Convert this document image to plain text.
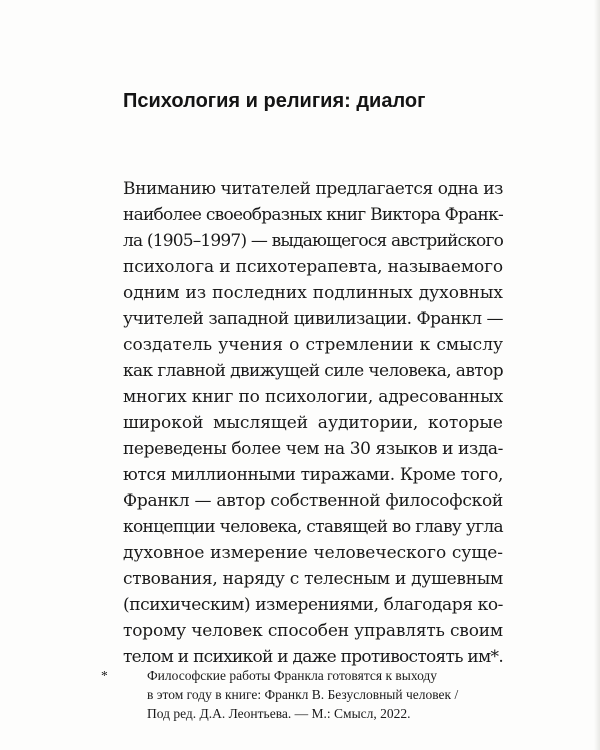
Психология и религия: диалог
Вниманию читателей предлагается одна из
наиболее своеобразных книг Виктора Франк-
ла (1905–1997) — выдающегося австрийского
психолога и психотерапевта, называемого
одним из последних подлинных духовных
учителей западной цивилизации. Франкл —
создатель учения о стремлении к смыслу
как главной движущей силе человека, автор
многих книг по психологии, адресованных
широкой мыслящей аудитории, которые
переведены более чем на 30 языков и изда-
ются миллионными тиражами. Кроме того,
Франкл — автор собственной философской
концепции человека, ставящей во главу угла
духовное измерение человеческого суще-
ствования, наряду с телесным и душевным
(психическим) измерениями, благодаря ко-
торому человек способен управлять своим
телом и психикой и даже противостоять им*.
*	Философские работы Франкла готовятся к выходу
в этом году в книге: Франкл В. Безусловный человек /
Под ред. Д.А. Леонтьева. — М.: Смысл, 2022.
